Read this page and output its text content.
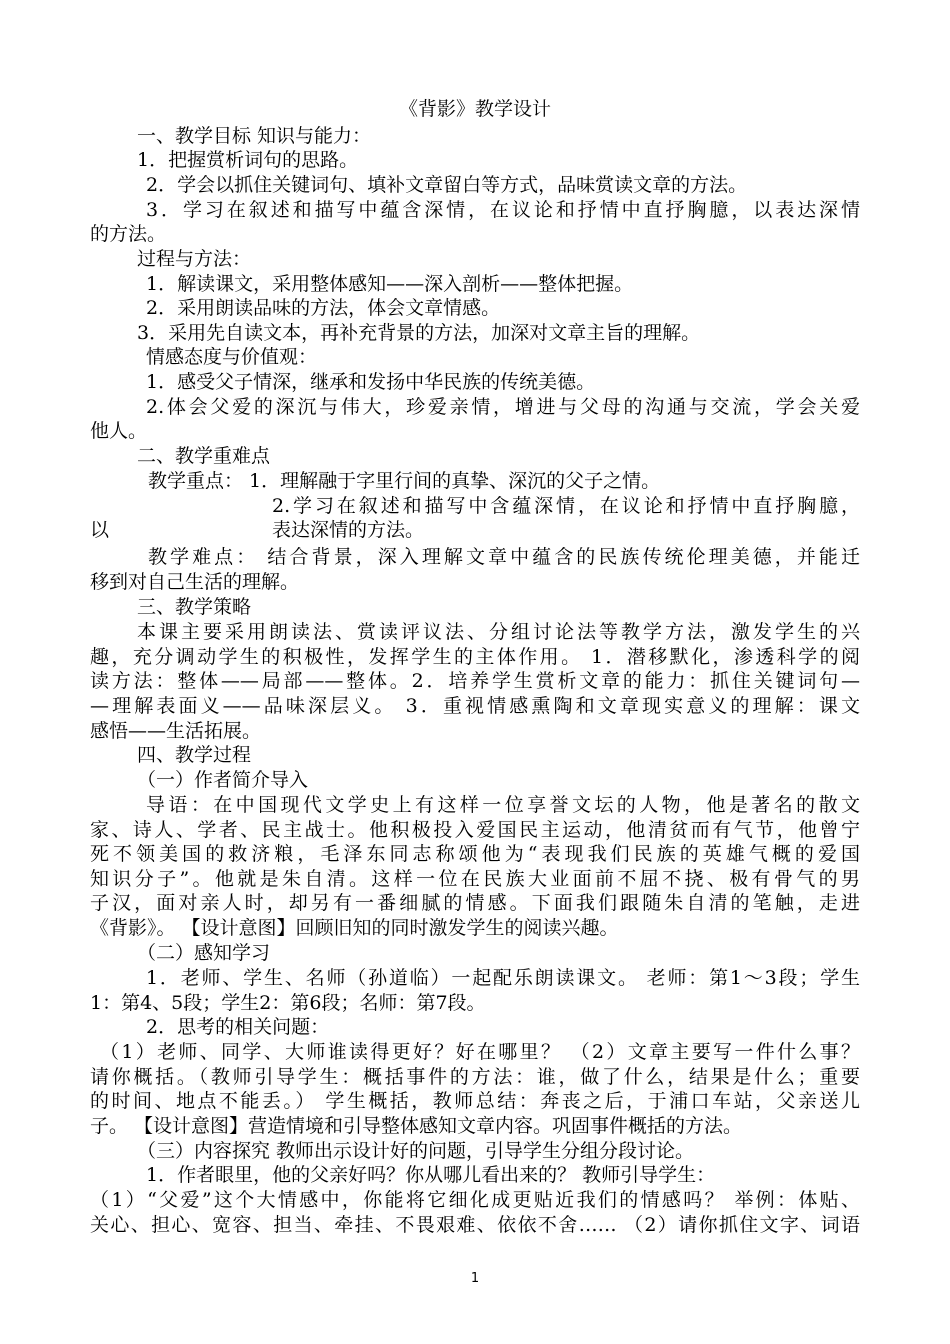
《背影》教学设计
一、教学目标 知识与能力：
1．把握赏析词句的思路。
2．学会以抓住关键词句、填补文章留白等方式，品味赏读文章的方法。
3．学习在叙述和描写中蕴含深情，在议论和抒情中直抒胸臆，以表达深情
的方法。
过程与方法：
1．解读课文，采用整体感知——深入剖析——整体把握。
2．采用朗读品味的方法，体会文章情感。
3．采用先自读文本，再补充背景的方法，加深对文章主旨的理解。
情感态度与价值观：
1．感受父子情深，继承和发扬中华民族的传统美德。
2.体会父爱的深沉与伟大，珍爱亲情，增进与父母的沟通与交流，学会关爱
他人。
二、教学重难点
教学重点： 1．理解融于字里行间的真挚、深沉的父子之情。
2.学习在叙述和描写中含蕴深情，在议论和抒情中直抒胸臆，
以	表达深情的方法。
教学难点： 结合背景，深入理解文章中蕴含的民族传统伦理美德，并能迁
移到对自己生活的理解。
三、教学策略
本课主要采用朗读法、赏读评议法、分组讨论法等教学方法，激发学生的兴
趣，充分调动学生的积极性，发挥学生的主体作用。 1．潜移默化，渗透科学的阅
读方法：整体——局部——整体。2．培养学生赏析文章的能力：抓住关键词句—
—理解表面义——品味深层义。 3．重视情感熏陶和文章现实意义的理解：课文
感悟——生活拓展。
四、教学过程
（一）作者简介导入
导语：在中国现代文学史上有这样一位享誉文坛的人物，他是著名的散文
家、诗人、学者、民主战士。他积极投入爱国民主运动，他清贫而有气节，他曾宁
死不领美国的救济粮，毛泽东同志称颂他为“表现我们民族的英雄气概的爱国
知识分子”。他就是朱自清。这样一位在民族大业面前不屈不挠、极有骨气的男
子汉，面对亲人时，却另有一番细腻的情感。下面我们跟随朱自清的笔触，走进
《背影》。 【设计意图】回顾旧知的同时激发学生的阅读兴趣。
（二）感知学习
1．老师、学生、名师（孙道临）一起配乐朗读课文。 老师：第1～3段；学生
1：第4、5段；学生2：第6段；名师：第7段。
2．思考的相关问题：
（1）老师、同学、大师谁读得更好？好在哪里？ （2）文章主要写一件什么事？
请你概括。（教师引导学生：概括事件的方法：谁，做了什么，结果是什么；重要
的时间、地点不能丢。） 学生概括，教师总结：奔丧之后，于浦口车站，父亲送儿
子。 【设计意图】营造情境和引导整体感知文章内容。巩固事件概括的方法。
（三）内容探究 教师出示设计好的问题，引导学生分组分段讨论。
1．作者眼里，他的父亲好吗？你从哪儿看出来的？ 教师引导学生：
（1）“父爱”这个大情感中，你能将它细化成更贴近我们的情感吗？ 举例：体贴、
关心、担心、宽容、担当、牵挂、不畏艰难、依依不舍…… （2）请你抓住文字、词语
1
